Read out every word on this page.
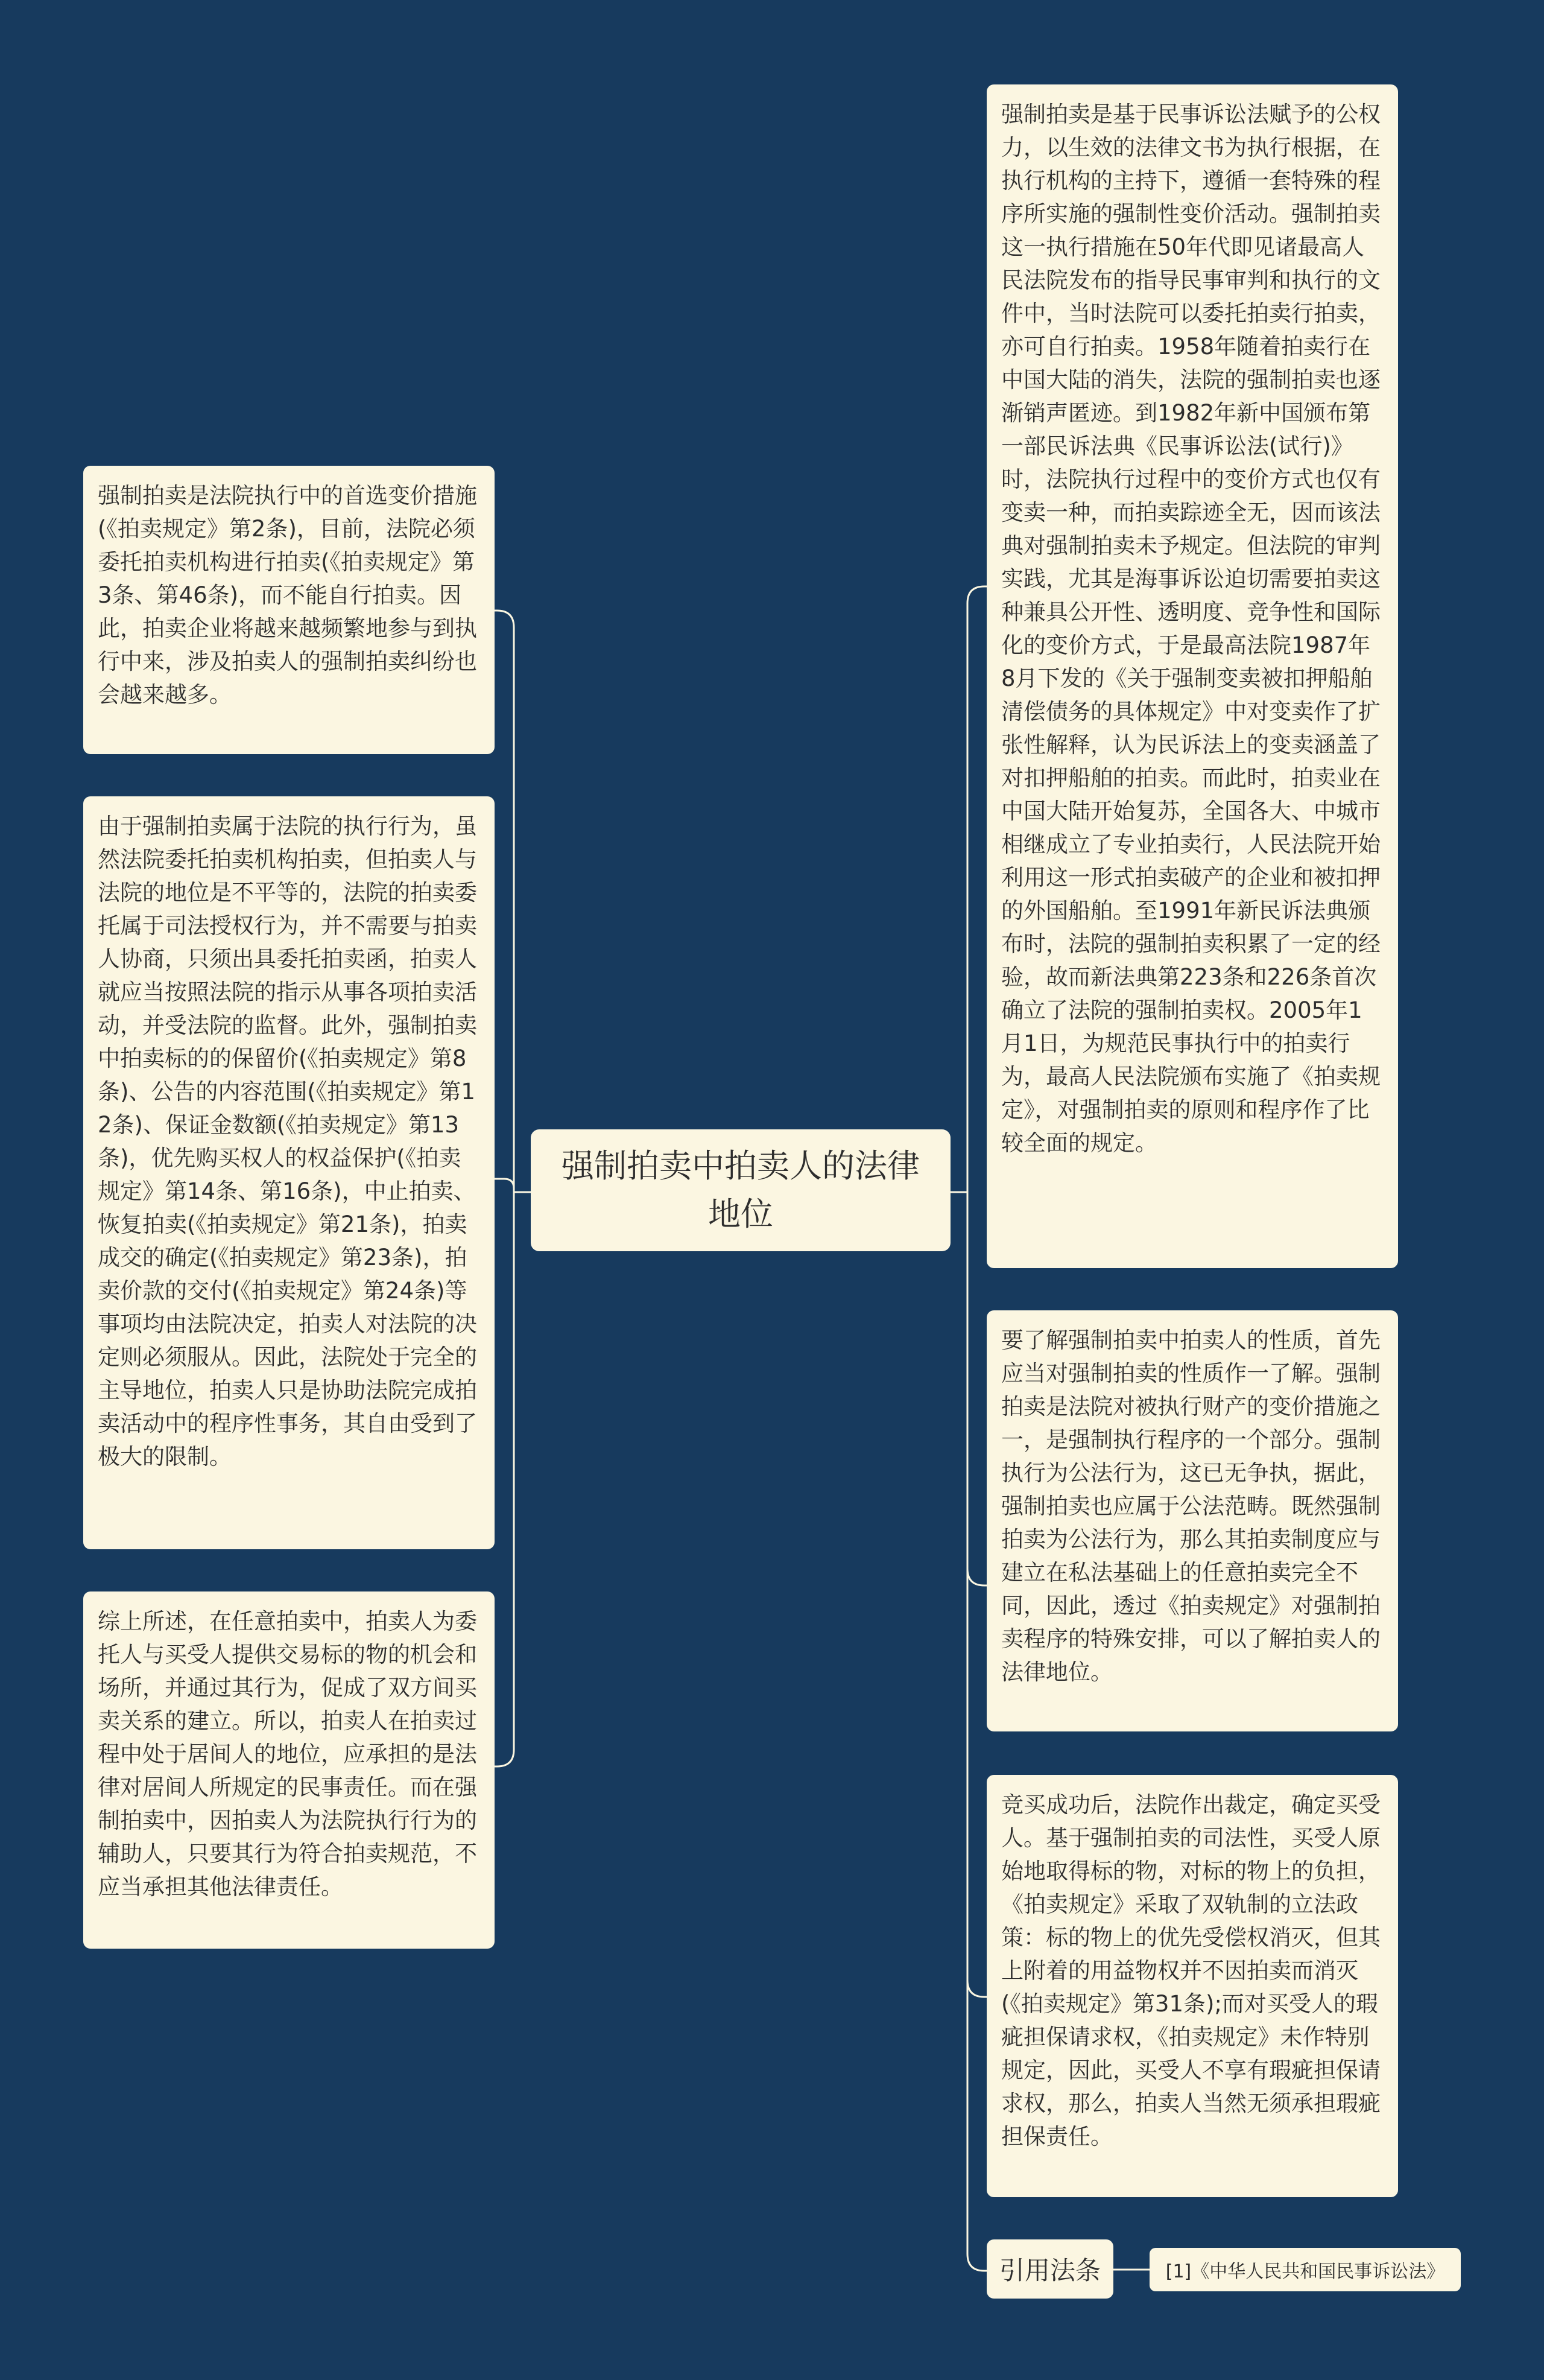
强制拍卖中拍卖人的法律地位
强制拍卖是法院执行中的首选变价措施(《拍卖规定》第2条)，目前，法院必须委托拍卖机构进行拍卖(《拍卖规定》第3条、第46条)，而不能自行拍卖。因此，拍卖企业将越来越频繁地参与到执行中来，涉及拍卖人的强制拍卖纠纷也会越来越多。
由于强制拍卖属于法院的执行行为，虽然法院委托拍卖机构拍卖，但拍卖人与法院的地位是不平等的，法院的拍卖委托属于司法授权行为，并不需要与拍卖人协商，只须出具委托拍卖函，拍卖人就应当按照法院的指示从事各项拍卖活动，并受法院的监督。此外，强制拍卖中拍卖标的的保留价(《拍卖规定》第8条)、公告的内容范围(《拍卖规定》第12条)、保证金数额(《拍卖规定》第13条)，优先购买权人的权益保护(《拍卖规定》第14条、第16条)，中止拍卖、恢复拍卖(《拍卖规定》第21条)，拍卖成交的确定(《拍卖规定》第23条)，拍卖价款的交付(《拍卖规定》第24条)等事项均由法院决定，拍卖人对法院的决定则必须服从。因此，法院处于完全的主导地位，拍卖人只是协助法院完成拍卖活动中的程序性事务，其自由受到了极大的限制。
综上所述，在任意拍卖中，拍卖人为委托人与买受人提供交易标的物的机会和场所，并通过其行为，促成了双方间买卖关系的建立。所以，拍卖人在拍卖过程中处于居间人的地位，应承担的是法律对居间人所规定的民事责任。而在强制拍卖中，因拍卖人为法院执行行为的辅助人，只要其行为符合拍卖规范，不应当承担其他法律责任。
强制拍卖是基于民事诉讼法赋予的公权力，以生效的法律文书为执行根据，在执行机构的主持下，遵循一套特殊的程序所实施的强制性变价活动。强制拍卖这一执行措施在50年代即见诸最高人民法院发布的指导民事审判和执行的文件中，当时法院可以委托拍卖行拍卖，亦可自行拍卖。1958年随着拍卖行在中国大陆的消失，法院的强制拍卖也逐渐销声匿迹。到1982年新中国颁布第一部民诉法典《民事诉讼法(试行)》时，法院执行过程中的变价方式也仅有变卖一种，而拍卖踪迹全无，因而该法典对强制拍卖未予规定。但法院的审判实践，尤其是海事诉讼迫切需要拍卖这种兼具公开性、透明度、竞争性和国际化的变价方式，于是最高法院1987年8月下发的《关于强制变卖被扣押船舶清偿债务的具体规定》中对变卖作了扩张性解释，认为民诉法上的变卖涵盖了对扣押船舶的拍卖。而此时，拍卖业在中国大陆开始复苏，全国各大、中城市相继成立了专业拍卖行，人民法院开始利用这一形式拍卖破产的企业和被扣押的外国船舶。至1991年新民诉法典颁布时，法院的强制拍卖积累了一定的经验，故而新法典第223条和226条首次确立了法院的强制拍卖权。2005年1月1日，为规范民事执行中的拍卖行为，最高人民法院颁布实施了《拍卖规定》，对强制拍卖的原则和程序作了比较全面的规定。
要了解强制拍卖中拍卖人的性质，首先应当对强制拍卖的性质作一了解。强制拍卖是法院对被执行财产的变价措施之一，是强制执行程序的一个部分。强制执行为公法行为，这已无争执，据此，强制拍卖也应属于公法范畴。既然强制拍卖为公法行为，那么其拍卖制度应与建立在私法基础上的任意拍卖完全不同，因此，透过《拍卖规定》对强制拍卖程序的特殊安排，可以了解拍卖人的法律地位。
竞买成功后，法院作出裁定，确定买受人。基于强制拍卖的司法性，买受人原始地取得标的物，对标的物上的负担，《拍卖规定》采取了双轨制的立法政策：标的物上的优先受偿权消灭，但其上附着的用益物权并不因拍卖而消灭(《拍卖规定》第31条);而对买受人的瑕疵担保请求权，《拍卖规定》未作特别规定，因此，买受人不享有瑕疵担保请求权，那么，拍卖人当然无须承担瑕疵担保责任。
引用法条	[1]《中华人民共和国民事诉讼法》
